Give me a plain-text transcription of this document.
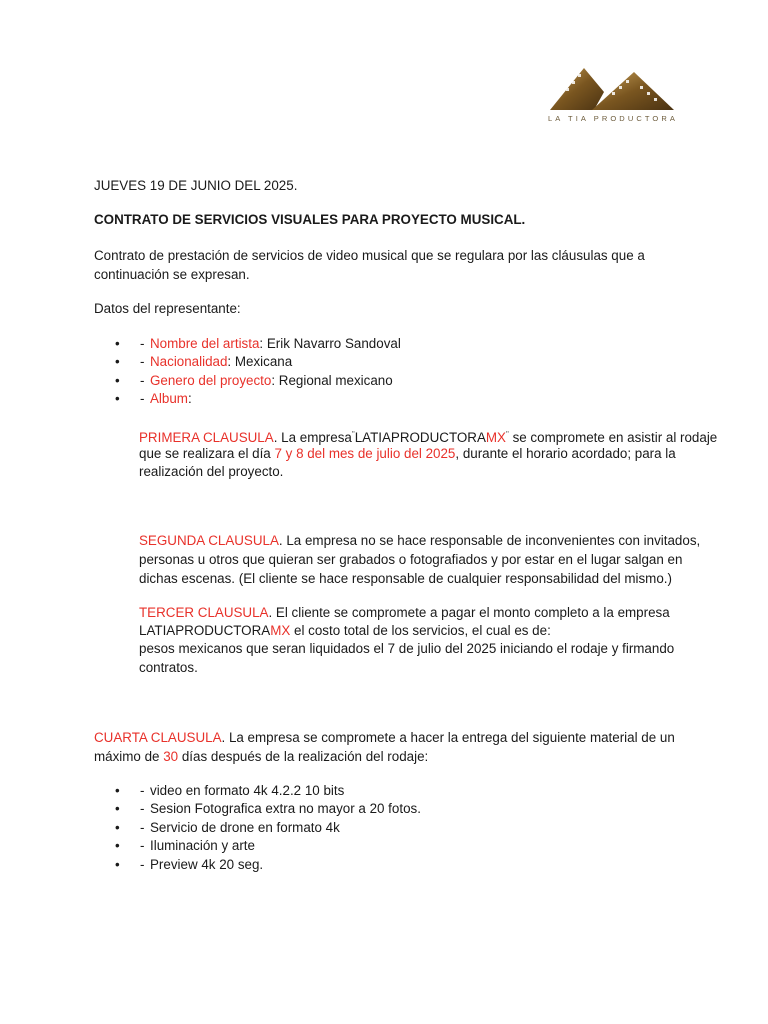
LA TIA PRODUCTORA
JUEVES 19 DE JUNIO DEL 2025.
CONTRATO DE SERVICIOS VISUALES PARA PROYECTO MUSICAL.
Contrato de prestación de servicios de video musical que se regulara por las cláusulas que a
continuación se expresan.
Datos del representante:
• - Nombre del artista: Erik Navarro Sandoval
• - Nacionalidad: Mexicana
• - Genero del proyecto: Regional mexicano
• - Album:
PRIMERA CLAUSULA. La empresa"LATIAPRODUCTORAMX" se compromete en asistir al rodaje
que se realizara el día 7 y 8 del mes de julio del 2025, durante el horario acordado; para la
realización del proyecto.
SEGUNDA CLAUSULA. La empresa no se hace responsable de inconvenientes con invitados,
personas u otros que quieran ser grabados o fotografiados y por estar en el lugar salgan en
dichas escenas. (El cliente se hace responsable de cualquier responsabilidad del mismo.)
TERCER CLAUSULA. El cliente se compromete a pagar el monto completo a la empresa
LATIAPRODUCTORAMX el costo total de los servicios, el cual es de:
pesos mexicanos que seran liquidados el 7 de julio del 2025 iniciando el rodaje y firmando
contratos.
CUARTA CLAUSULA. La empresa se compromete a hacer la entrega del siguiente material de un
máximo de 30 días después de la realización del rodaje:
• - video en formato 4k 4.2.2 10 bits
• - Sesion Fotografica extra no mayor a 20 fotos.
• - Servicio de drone en formato 4k
• - Iluminación y arte
• - Preview 4k 20 seg.
